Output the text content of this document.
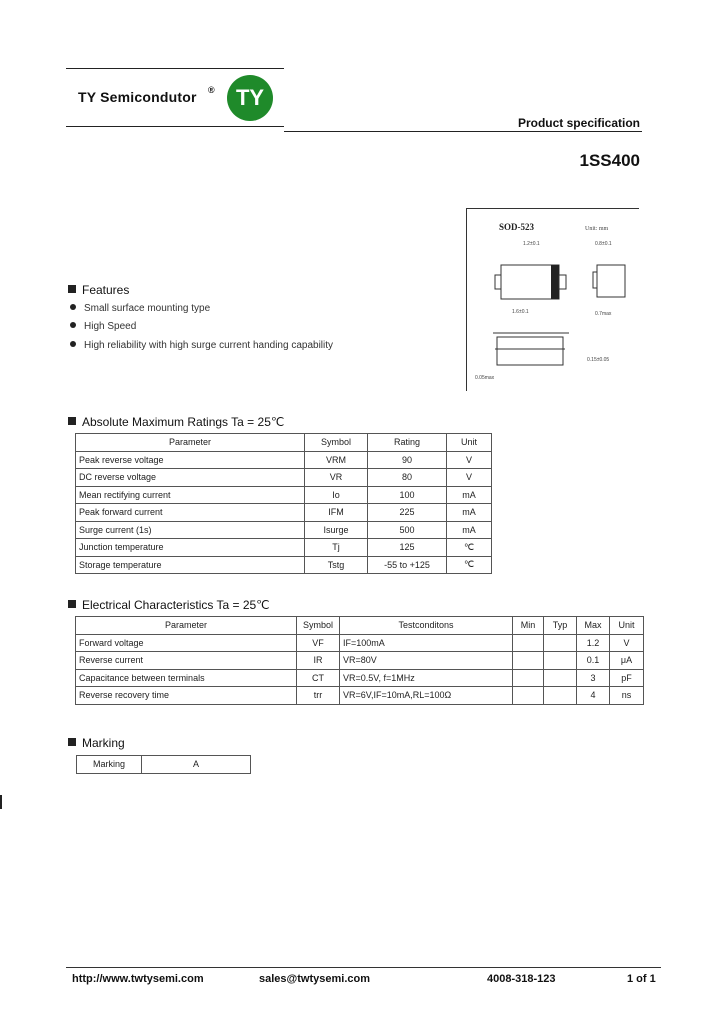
TY Semicondutor ® TY
Product specification
1SS400
SOD-523	Unit: mm
1.2±0.1	0.8±0.1
1.6±0.1	0.7max
0.15±0.05
0.05max
Features
Small surface mounting type
High Speed
High reliability with high surge current handing capability
Absolute Maximum Ratings Ta = 25℃
Parameter	Symbol	Rating	Unit
Peak reverse voltage	VRM	90	V
DC reverse voltage	VR	80	V
Mean rectifying current	Io	100	mA
Peak forward current	IFM	225	mA
Surge current (1s)	Isurge	500	mA
Junction temperature	Tj	125	℃
Storage temperature	Tstg	-55 to +125	℃
Electrical Characteristics Ta = 25℃
Parameter	Symbol	Testconditons	Min	Typ	Max	Unit
Forward voltage	VF	IF=100mA			1.2	V
Reverse current	IR	VR=80V			0.1	μA
Capacitance between terminals	CT	VR=0.5V, f=1MHz			3	pF
Reverse recovery time	trr	VR=6V,IF=10mA,RL=100Ω			4	ns
Marking
Marking	A
http://www.twtysemi.com	sales@twtysemi.com	4008-318-123	1 of 1
